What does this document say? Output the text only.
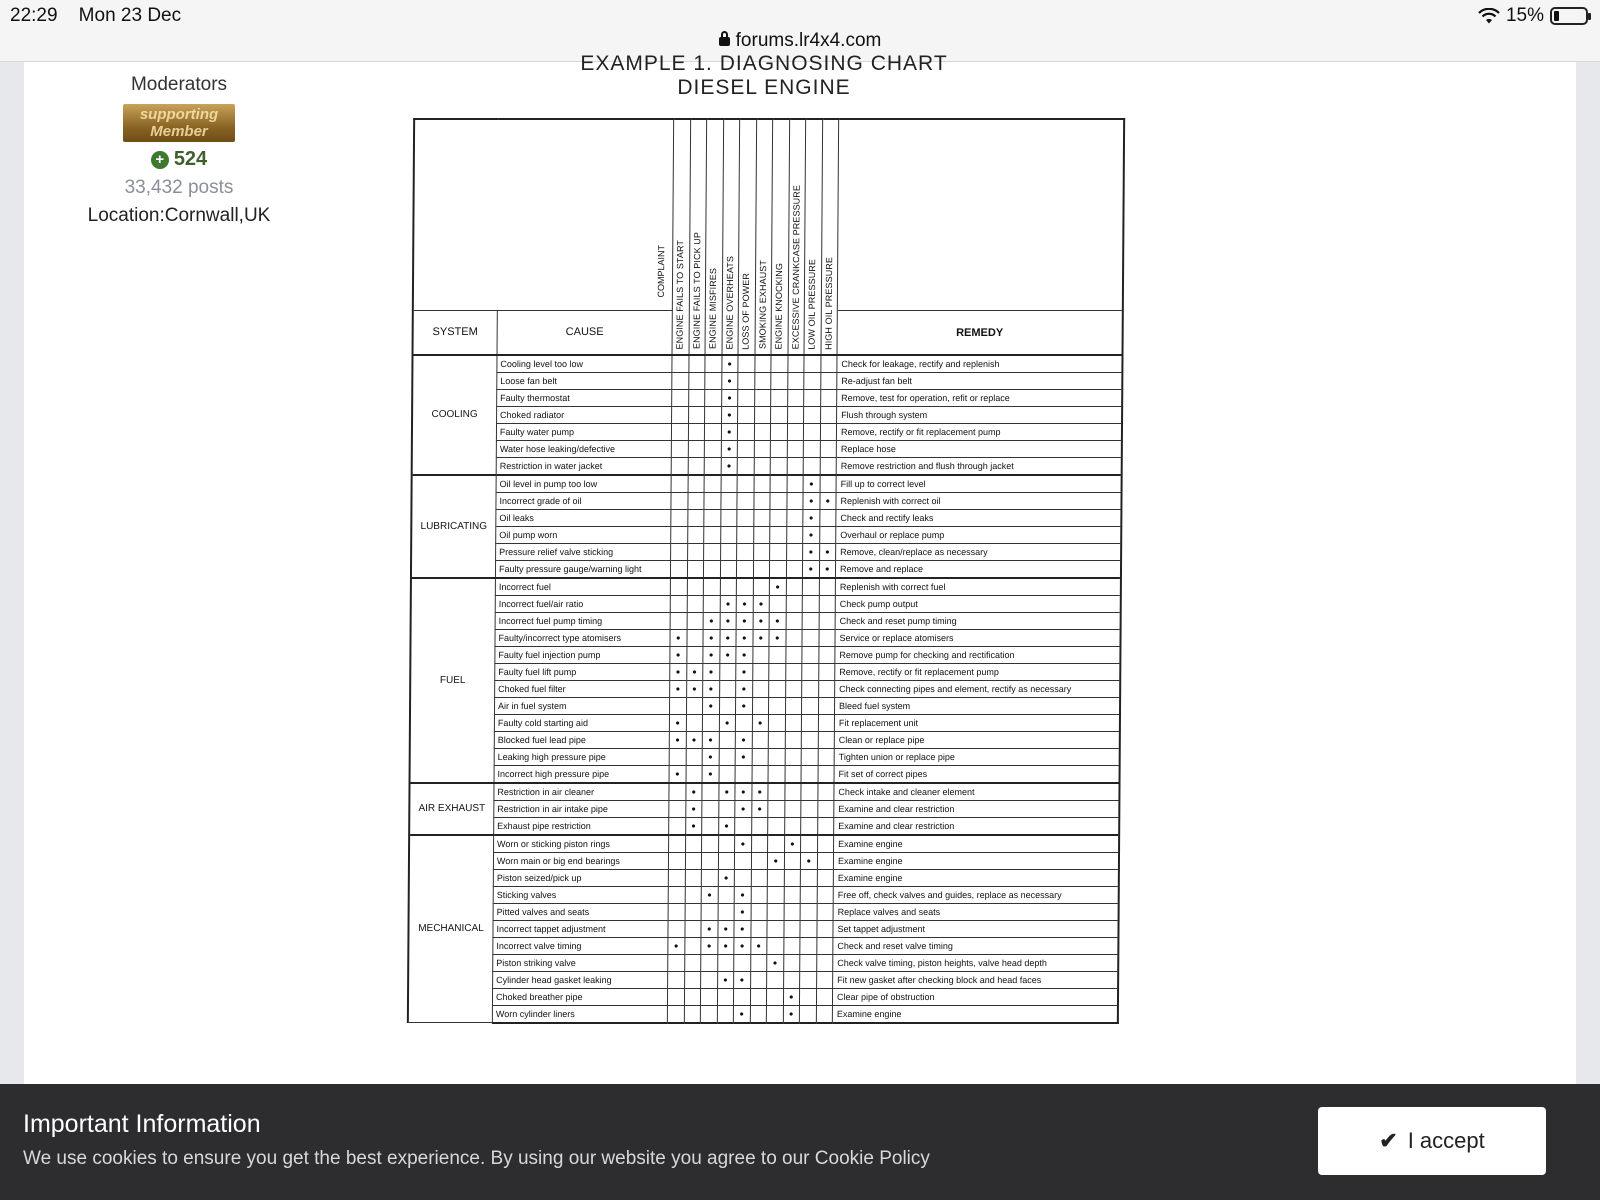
22:29 Mon 23 Dec	15%
forums.lr4x4.com
Moderators
supporting Member
+ 524
33,432 posts
Location:Cornwall,UK
EXAMPLE 1. DIAGNOSING CHART
DIESEL ENGINE
COMPLAINT		ENGINE FAILS TO START	ENGINE FAILS TO PICK UP	ENGINE MISFIRES	ENGINE OVERHEATS	LOSS OF POWER	SMOKING EXHAUST	ENGINE KNOCKING	EXCESSIVE CRANKCASE PRESSURE	LOW OIL PRESSURE	HIGH OIL PRESSURE	REMEDY

SYSTEM	CAUSE											
COOLING	Cooling level too low				•							Check for leakage, rectify and replenish
	Loose fan belt				•							Re-adjust fan belt
	Faulty thermostat				•							Remove, test for operation, refit or replace
	Choked radiator				•							Flush through system
	Faulty water pump				•							Remove, rectify or fit replacement pump
	Water hose leaking/defective				•							Replace hose
	Restriction in water jacket				•							Remove restriction and flush through jacket
LUBRICATING	Oil level in pump too low									•		Fill up to correct level
	Incorrect grade of oil									•	•	Replenish with correct oil
	Oil leaks									•		Check and rectify leaks
	Oil pump worn									•		Overhaul or replace pump
	Pressure relief valve sticking									•	•	Remove, clean/replace as necessary
	Faulty pressure gauge/warning light									•	•	Remove and replace
FUEL	Incorrect fuel							•				Replenish with correct fuel
	Incorrect fuel/air ratio				•	•	•					Check pump output
	Incorrect fuel pump timing			•	•	•	•	•				Check and reset pump timing
	Faulty/incorrect type atomisers	•		•	•	•	•	•				Service or replace atomisers
	Faulty fuel injection pump	•		•	•	•						Remove pump for checking and rectification
	Faulty fuel lift pump	•	•	•		•						Remove, rectify or fit replacement pump
	Choked fuel filter	•	•	•		•						Check connecting pipes and element, rectify as necessary
	Air in fuel system			•		•						Bleed fuel system
	Faulty cold starting aid	•			•		•					Fit replacement unit
	Blocked fuel lead pipe	•	•	•		•						Clean or replace pipe
	Leaking high pressure pipe			•		•						Tighten union or replace pipe
	Incorrect high pressure pipe	•		•								Fit set of correct pipes
AIR EXHAUST	Restriction in air cleaner		•		•	•	•					Check intake and cleaner element
	Restriction in air intake pipe		•			•	•					Examine and clear restriction
	Exhaust pipe restriction		•		•							Examine and clear restriction
MECHANICAL	Worn or sticking piston rings					•			•			Examine engine
	Worn main or big end bearings							•		•		Examine engine
	Piston seized/pick up				•							Examine engine
	Sticking valves			•		•						Free off, check valves and guides, replace as necessary
	Pitted valves and seats					•						Replace valves and seats
	Incorrect tappet adjustment			•	•	•						Set tappet adjustment
	Incorrect valve timing	•		•	•	•	•					Check and reset valve timing
	Piston striking valve							•				Check valve timing, piston heights, valve head depth
	Cylinder head gasket leaking				•	•						Fit new gasket after checking block and head faces
	Choked breather pipe								•			Clear pipe of obstruction
	Worn cylinder liners					•			•			Examine engine
Important Information
We use cookies to ensure you get the best experience. By using our website you agree to our Cookie Policy
✔ I accept
